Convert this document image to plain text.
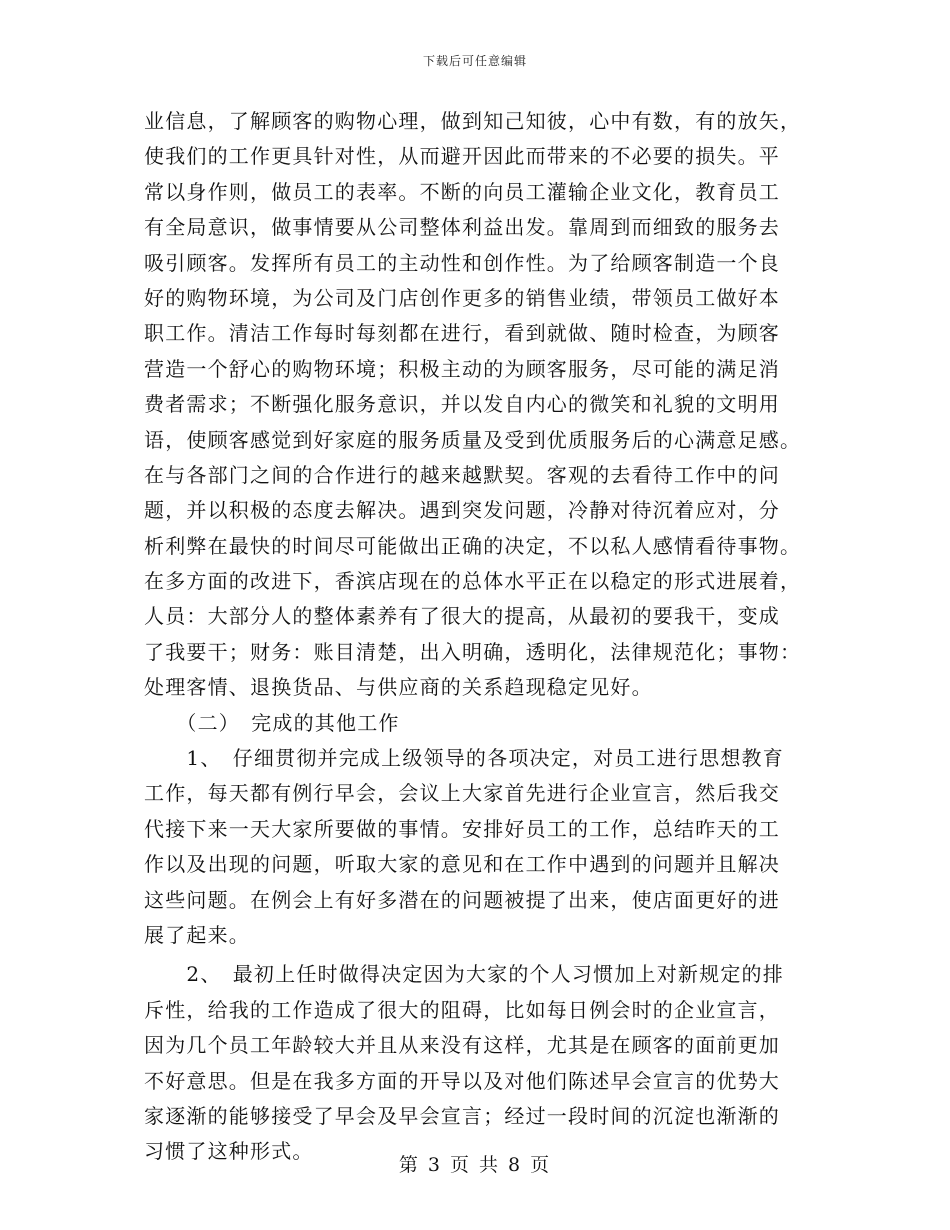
下载后可任意编辑
业信息，了解顾客的购物心理，做到知己知彼，心中有数，有的放矢，
使我们的工作更具针对性，从而避开因此而带来的不必要的损失。平
常以身作则，做员工的表率。不断的向员工灌输企业文化，教育员工
有全局意识，做事情要从公司整体利益出发。靠周到而细致的服务去
吸引顾客。发挥所有员工的主动性和创作性。为了给顾客制造一个良
好的购物环境，为公司及门店创作更多的销售业绩，带领员工做好本
职工作。清洁工作每时每刻都在进行，看到就做、随时检查，为顾客
营造一个舒心的购物环境；积极主动的为顾客服务，尽可能的满足消
费者需求；不断强化服务意识，并以发自内心的微笑和礼貌的文明用
语，使顾客感觉到好家庭的服务质量及受到优质服务后的心满意足感。
在与各部门之间的合作进行的越来越默契。客观的去看待工作中的问
题，并以积极的态度去解决。遇到突发问题，冷静对待沉着应对，分
析利弊在最快的时间尽可能做出正确的决定，不以私人感情看待事物。
在多方面的改进下，香滨店现在的总体水平正在以稳定的形式进展着，
人员：大部分人的整体素养有了很大的提高，从最初的要我干，变成
了我要干；财务：账目清楚，出入明确，透明化，法律规范化；事物：
处理客情、退换货品、与供应商的关系趋现稳定见好。
　　（二）　完成的其他工作
　　1、　仔细贯彻并完成上级领导的各项决定，对员工进行思想教育
工作，每天都有例行早会，会议上大家首先进行企业宣言，然后我交
代接下来一天大家所要做的事情。安排好员工的工作，总结昨天的工
作以及出现的问题，听取大家的意见和在工作中遇到的问题并且解决
这些问题。在例会上有好多潜在的问题被提了出来，使店面更好的进
展了起来。
　　2、　最初上任时做得决定因为大家的个人习惯加上对新规定的排
斥性，给我的工作造成了很大的阻碍，比如每日例会时的企业宣言，
因为几个员工年龄较大并且从来没有这样，尤其是在顾客的面前更加
不好意思。但是在我多方面的开导以及对他们陈述早会宣言的优势大
家逐渐的能够接受了早会及早会宣言；经过一段时间的沉淀也渐渐的
习惯了这种形式。
第 3 页 共 8 页
